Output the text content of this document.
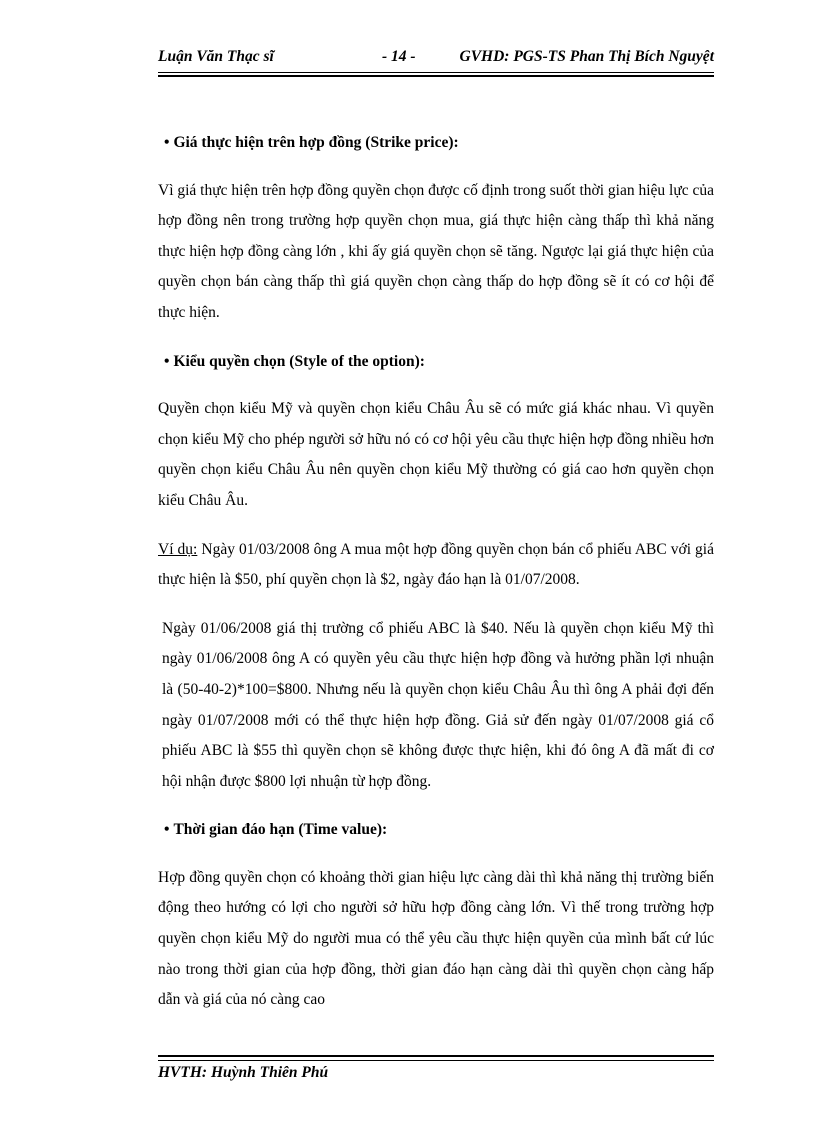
Luận Văn Thạc sĩ	- 14 -	GVHD: PGS-TS Phan Thị Bích Nguyệt

• Giá thực hiện trên hợp đồng (Strike price):

Vì giá thực hiện trên hợp đồng quyền chọn được cố định trong suốt thời gian hiệu lực của hợp đồng nên trong trường hợp quyền chọn mua, giá thực hiện càng thấp thì khả năng thực hiện hợp đồng càng lớn , khi ấy giá quyền chọn sẽ tăng. Ngược lại giá thực hiện của quyền chọn bán càng thấp thì giá quyền chọn càng thấp do hợp đồng sẽ ít có cơ hội để thực hiện.

• Kiểu quyền chọn (Style of the option):

Quyền chọn kiểu Mỹ và quyền chọn kiểu Châu Âu sẽ có mức giá khác nhau. Vì quyền chọn kiểu Mỹ cho phép người sở hữu nó có cơ hội yêu cầu thực hiện hợp đồng nhiều hơn quyền chọn kiểu Châu Âu nên quyền chọn kiểu Mỹ thường có giá cao hơn quyền chọn kiểu Châu Âu.

Ví dụ: Ngày 01/03/2008 ông A mua một hợp đồng quyền chọn bán cổ phiếu ABC với giá thực hiện là $50, phí quyền chọn là $2, ngày đáo hạn là 01/07/2008.

Ngày 01/06/2008 giá thị trường cổ phiếu ABC là $40. Nếu là quyền chọn kiểu Mỹ thì ngày 01/06/2008 ông A có quyền yêu cầu thực hiện hợp đồng và hưởng phần lợi nhuận là (50-40-2)*100=$800. Nhưng nếu là quyền chọn kiểu Châu Âu thì ông A phải đợi đến ngày 01/07/2008 mới có thể thực hiện hợp đồng. Giả sử đến ngày 01/07/2008 giá cổ phiếu ABC là $55 thì quyền chọn sẽ không được thực hiện, khi đó ông A đã mất đi cơ hội nhận được $800 lợi nhuận từ hợp đồng.

• Thời gian đáo hạn (Time value):

Hợp đồng quyền chọn có khoảng thời gian hiệu lực càng dài thì khả năng thị trường biến động theo hướng có lợi cho người sở hữu hợp đồng càng lớn. Vì thế trong trường hợp quyền chọn kiểu Mỹ do người mua có thể yêu cầu thực hiện quyền của mình bất cứ lúc nào trong thời gian của hợp đồng, thời gian đáo hạn càng dài thì quyền chọn càng hấp dẫn và giá của nó càng cao

HVTH: Huỳnh Thiên Phú
